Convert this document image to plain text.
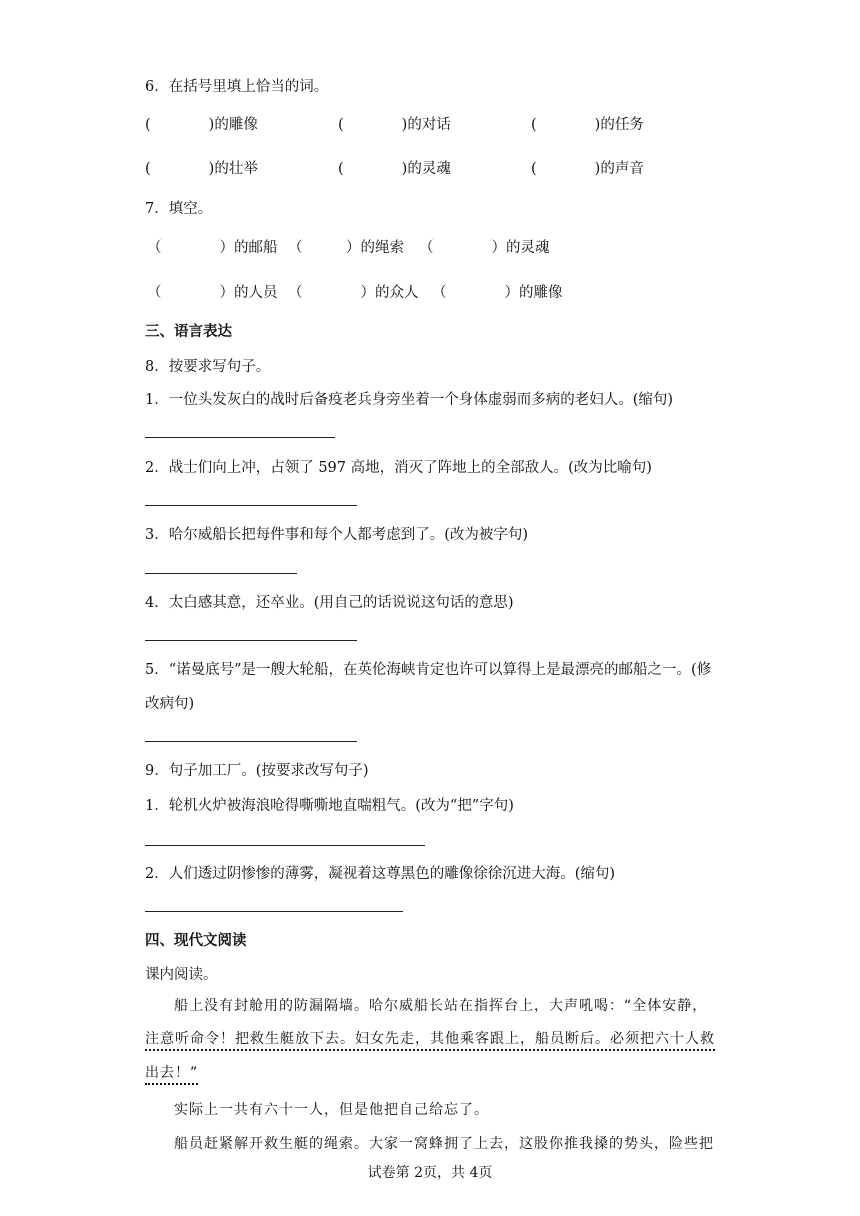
6．在括号里填上恰当的词。
(　　　　)的雕像	(　　　　)的对话	(　　　　)的任务
(　　　　)的壮举	(　　　　)的灵魂	(　　　　)的声音
7．填空。
（　　　　）的邮船 （　　　）的绳索 （　　　　）的灵魂
（　　　　）的人员 （　　　　）的众人 （　　　　）的雕像
三、语言表达
8．按要求写句子。
1．一位头发灰白的战时后备疫老兵身旁坐着一个身体虚弱而多病的老妇人。(缩句)
2．战士们向上冲，占领了 597 高地，消灭了阵地上的全部敌人。(改为比喻句)
3．哈尔威船长把每件事和每个人都考虑到了。(改为被字句)
4．太白感其意，还卒业。(用自己的话说说这句话的意思)
5．“诺曼底号”是一艘大轮船，在英伦海峡肯定也许可以算得上是最漂亮的邮船之一。(修
改病句)
9．句子加工厂。(按要求改写句子)
1．轮机火炉被海浪呛得嘶嘶地直喘粗气。(改为“把”字句)
2．人们透过阴惨惨的薄雾，凝视着这尊黑色的雕像徐徐沉进大海。(缩句)
四、现代文阅读
课内阅读。
船上没有封舱用的防漏隔墙。哈尔威船长站在指挥台上，大声吼喝：“全体安静，
注意听命令！把救生艇放下去。妇女先走，其他乘客跟上，船员断后。必须把六十人救
出去！”
实际上一共有六十一人，但是他把自己给忘了。
船员赶紧解开救生艇的绳索。大家一窝蜂拥了上去，这股你推我搡的势头，险些把
试卷第 2页，共 4页
